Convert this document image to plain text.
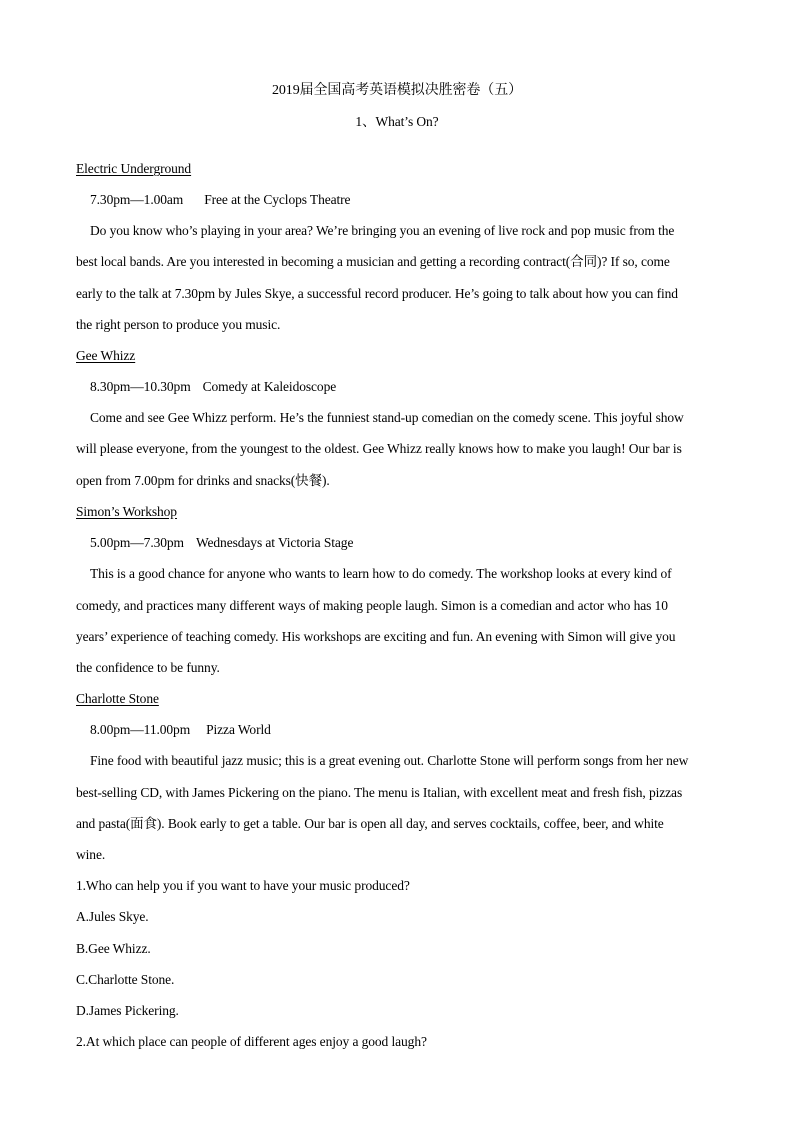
2019届全国高考英语模拟决胜密卷（五）
1、What’s On?
Electric Underground
7.30pm—1.00am Free at the Cyclops Theatre
Do you know who’s playing in your area? We’re bringing you an evening of live rock and pop music from the
best local bands. Are you interested in becoming a musician and getting a recording contract(合同)? If so, come
early to the talk at 7.30pm by Jules Skye, a successful record producer. He’s going to talk about how you can find
the right person to produce you music.
Gee Whizz
8.30pm—10.30pm Comedy at Kaleidoscope
Come and see Gee Whizz perform. He’s the funniest stand-up comedian on the comedy scene. This joyful show
will please everyone, from the youngest to the oldest. Gee Whizz really knows how to make you laugh! Our bar is
open from 7.00pm for drinks and snacks(快餐).
Simon’s Workshop
5.00pm—7.30pm Wednesdays at Victoria Stage
This is a good chance for anyone who wants to learn how to do comedy. The workshop looks at every kind of
comedy, and practices many different ways of making people laugh. Simon is a comedian and actor who has 10
years’ experience of teaching comedy. His workshops are exciting and fun. An evening with Simon will give you
the confidence to be funny.
Charlotte Stone
8.00pm—11.00pm Pizza World
Fine food with beautiful jazz music; this is a great evening out. Charlotte Stone will perform songs from her new
best-selling CD, with James Pickering on the piano. The menu is Italian, with excellent meat and fresh fish, pizzas
and pasta(面食). Book early to get a table. Our bar is open all day, and serves cocktails, coffee, beer, and white
wine.
1.Who can help you if you want to have your music produced?
A.Jules Skye.
B.Gee Whizz.
C.Charlotte Stone.
D.James Pickering.
2.At which place can people of different ages enjoy a good laugh?
